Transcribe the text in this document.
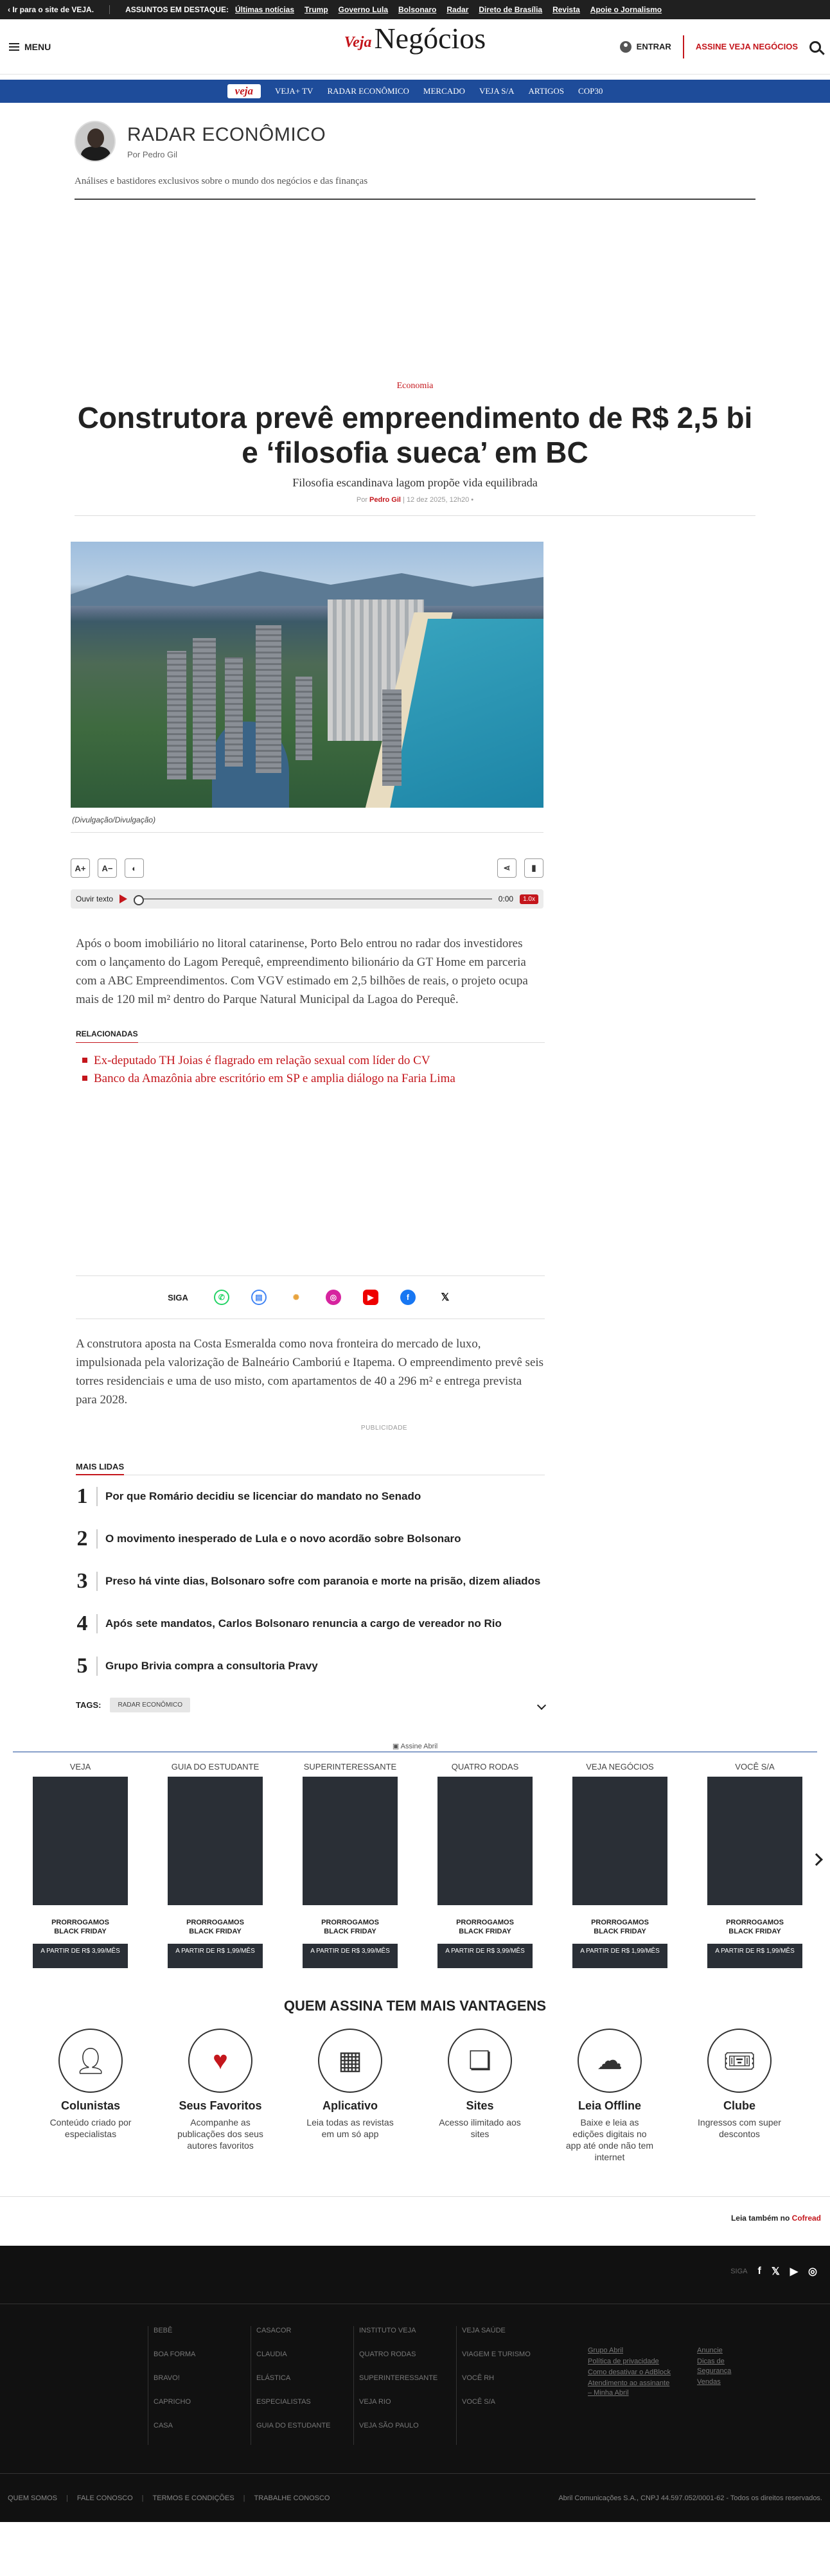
‹ Ir para o site de VEJA.	ASSUNTOS EM DESTAQUE: Últimas notícias Trump Governo Lula Bolsonaro Radar Direto de Brasília Revista Apoie o Jornalismo
MENU	Veja Negócios	ENTRAR	ASSINE VEJA NEGÓCIOS
veja	VEJA+ TV RADAR ECONÔMICO MERCADO VEJA S/A ARTIGOS COP30
RADAR ECONÔMICO
Por Pedro Gil
Análises e bastidores exclusivos sobre o mundo dos negócios e das finanças
Economia
Construtora prevê empreendimento de R$ 2,5 bi e ‘filosofia sueca’ em BC
Filosofia escandinava lagom propõe vida equilibrada
Por Pedro Gil | 12 dez 2025, 12h20 •
(Divulgação/Divulgação)
A+	A−	◐	⋖	▮
Ouvir texto	0:00	1.0x

Após o boom imobiliário no litoral catarinense, Porto Belo entrou no radar dos investidores com o lançamento do Lagom Perequê, empreendimento bilionário da GT Home em parceria com a ABC Empreendimentos. Com VGV estimado em 2,5 bilhões de reais, o projeto ocupa mais de 120 mil m² dentro do Parque Natural Municipal da Lagoa do Perequê.

RELACIONADAS
Ex-deputado TH Joias é flagrado em relação sexual com líder do CV
Banco da Amazônia abre escritório em SP e amplia diálogo na Faria Lima
SIGA	✆	▤	✺	◎	▶	f	𝕏

A construtora aposta na Costa Esmeralda como nova fronteira do mercado de luxo, impulsionada pela valorização de Balneário Camboriú e Itapema. O empreendimento prevê seis torres residenciais e uma de uso misto, com apartamentos de 40 a 296 m² e entrega prevista para 2028.

PUBLICIDADE
MAIS LIDAS
1 Por que Romário decidiu se licenciar do mandato no Senado
2 O movimento inesperado de Lula e o novo acordão sobre Bolsonaro
3 Preso há vinte dias, Bolsonaro sofre com paranoia e morte na prisão, dizem aliados
4 Após sete mandatos, Carlos Bolsonaro renuncia a cargo de vereador no Rio
5 Grupo Brivia compra a consultoria Pravy
TAGS:	RADAR ECONÔMICO
▣ Assine Abril
VEJA
PRORROGAMOS BLACK FRIDAY
A PARTIR DE R$ 3,99/MÊS
GUIA DO ESTUDANTE
PRORROGAMOS BLACK FRIDAY
A PARTIR DE R$ 1,99/MÊS
SUPERINTERESSANTE
PRORROGAMOS BLACK FRIDAY
A PARTIR DE R$ 3,99/MÊS
QUATRO RODAS
PRORROGAMOS BLACK FRIDAY
A PARTIR DE R$ 3,99/MÊS
VEJA NEGÓCIOS
PRORROGAMOS BLACK FRIDAY
A PARTIR DE R$ 1,99/MÊS
VOCÊ S/A
PRORROGAMOS BLACK FRIDAY
A PARTIR DE R$ 1,99/MÊS
QUEM ASSINA TEM MAIS VANTAGENS
👤︎
Colunistas
Conteúdo criado por especialistas
♥
Seus Favoritos
Acompanhe as publicações dos seus autores favoritos
▦
Aplicativo
Leia todas as revistas em um só app
❏
Sites
Acesso ilimitado aos sites
☁
Leia Offline
Baixe e leia as edições digitais no app até onde não tem internet
🎟︎
Clube
Ingressos com super descontos
Leia também no Cofread
SIGA f 𝕏 ▶ ◎
BEBÊ
BOA FORMA
BRAVO!
CAPRICHO
CASA
CASACOR
CLAUDIA
ELÁSTICA
ESPECIALISTAS
GUIA DO ESTUDANTE
INSTITUTO VEJA
QUATRO RODAS
SUPERINTERESSANTE
VEJA RIO
VEJA SÃO PAULO
VEJA SAÚDE
VIAGEM E TURISMO
VOCÊ RH
VOCÊ S/A
Grupo Abril
Política de privacidade
Como desativar o AdBlock
Atendimento ao assinante – Minha Abril
Anuncie
Dicas de Segurança
Vendas
QUEM SOMOS	| FALE CONOSCO	| TERMOS E CONDIÇÕES	| TRABALHE CONOSCO	Abril Comunicações S.A., CNPJ 44.597.052/0001-62 - Todos os direitos reservados.
